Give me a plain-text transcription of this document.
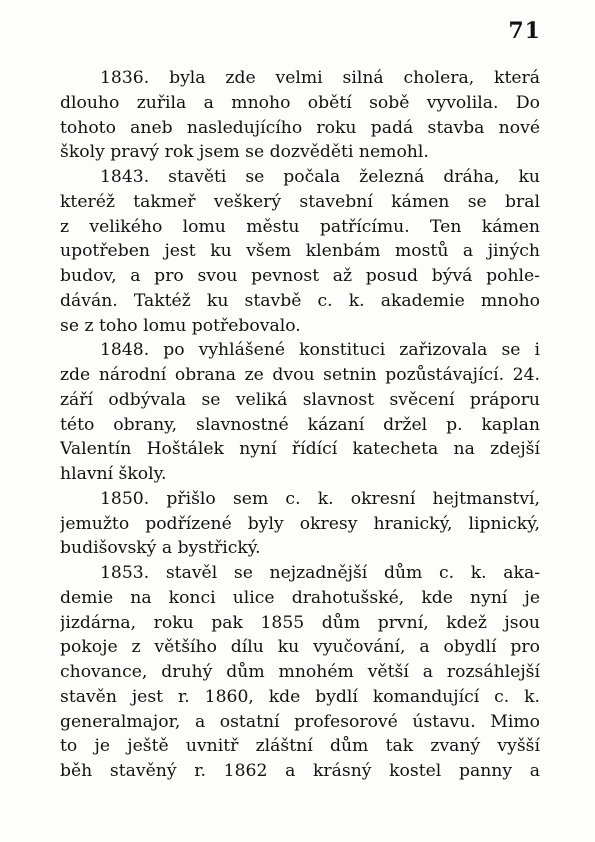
71
1836. byla zde velmi silná cholera, která
dlouho zuřila a mnoho obětí sobě vyvolila. Do
tohoto aneb nasledujícího roku padá stavba nové
školy pravý rok jsem se dozvěděti nemohl.
1843. stavěti se počala železná dráha, ku
kteréž takmeř veškerý stavební kámen se bral
z velikého lomu městu patřícímu. Ten kámen
upotřeben jest ku všem klenbám mostů a jiných
budov, a pro svou pevnost až posud bývá pohle-
dáván. Taktéž ku stavbě c. k. akademie mnoho
se z toho lomu potřebovalo.
1848. po vyhlášené konstituci zařizovala se i
zde národní obrana ze dvou setnin pozůstávající. 24.
září odbývala se veliká slavnost svěcení práporu
této obrany, slavnostné kázaní držel p. kaplan
Valentín Hoštálek nyní řídící katecheta na zdejší
hlavní školy.
1850. přišlo sem c. k. okresní hejtmanství,
jemužto podřízené byly okresy hranický, lipnický,
budišovský a bystřický.
1853. stavěl se nejzadnější dům c. k. aka-
demie na konci ulice drahotušské, kde nyní je
jizdárna, roku pak 1855 dům první, kdež jsou
pokoje z většího dílu ku vyučování, a obydlí pro
chovance, druhý dům mnohém větší a rozsáhlejší
stavěn jest r. 1860, kde bydlí komandující c. k.
generalmajor, a ostatní profesorové ústavu. Mimo
to je ještě uvnitř zláštní dům tak zvaný vyšší
běh stavěný r. 1862 a krásný kostel panny a
